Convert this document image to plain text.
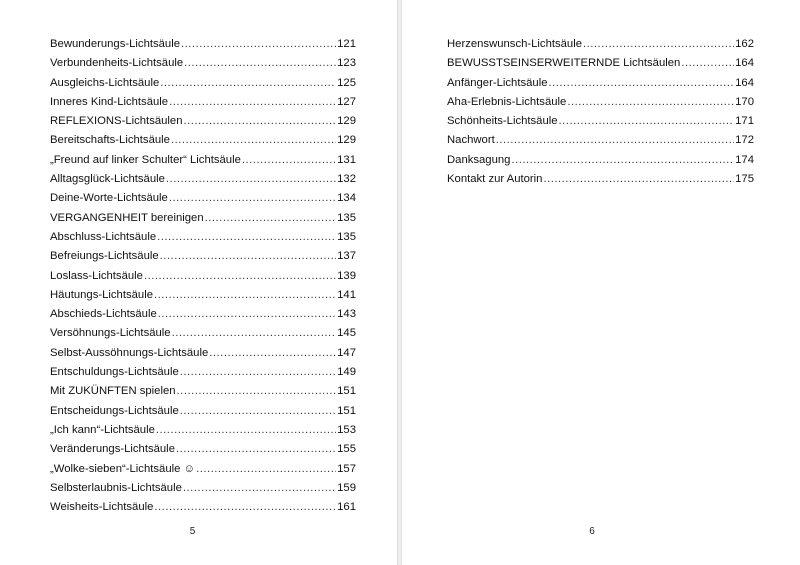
Bewunderungs-Lichtsäule .....	121
Verbundenheits-Lichtsäule .....	123
Ausgleichs-Lichtsäule .....	125
Inneres Kind-Lichtsäule .....	127
REFLEXIONS-Lichtsäulen .....	129
Bereitschafts-Lichtsäule .....	129
„Freund auf linker Schulter“ Lichtsäule .....	131
Alltagsglück-Lichtsäule .....	132
Deine-Worte-Lichtsäule .....	134
VERGANGENHEIT bereinigen .....	135
Abschluss-Lichtsäule .....	135
Befreiungs-Lichtsäule .....	137
Loslass-Lichtsäule .....	139
Häutungs-Lichtsäule .....	141
Abschieds-Lichtsäule .....	143
Versöhnungs-Lichtsäule .....	145
Selbst-Aussöhnungs-Lichtsäule .....	147
Entschuldungs-Lichtsäule .....	149
Mit ZUKÜNFTEN spielen .....	151
Entscheidungs-Lichtsäule .....	151
„Ich kann“-Lichtsäule .....	153
Veränderungs-Lichtsäule .....	155
„Wolke-sieben“-Lichtsäule ☺ .....	157
Selbsterlaubnis-Lichtsäule .....	159
Weisheits-Lichtsäule .....	161
5
Herzenswunsch-Lichtsäule .....	162
BEWUSSTSEINSERWEITERNDE Lichtsäulen .....	164
Anfänger-Lichtsäule .....	164
Aha-Erlebnis-Lichtsäule .....	170
Schönheits-Lichtsäule .....	171
Nachwort .....	172
Danksagung .....	174
Kontakt zur Autorin .....	175
6
